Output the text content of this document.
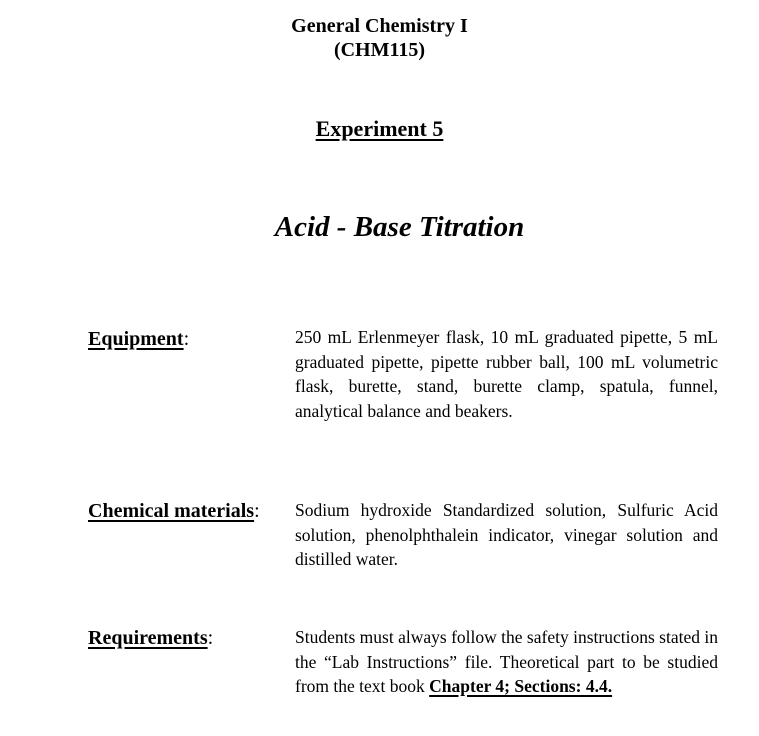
General Chemistry I
(CHM115)
Experiment 5
Acid - Base Titration
Equipment:	250 mL Erlenmeyer flask, 10 mL graduated pipette, 5 mL graduated pipette, pipette rubber ball, 100 mL volumetric flask, burette, stand, burette clamp, spatula, funnel, analytical balance and beakers.
Chemical materials: Sodium hydroxide Standardized solution, Sulfuric Acid solution, phenolphthalein indicator, vinegar solution and distilled water.
Requirements:	Students must always follow the safety instructions stated in the “Lab Instructions” file. Theoretical part to be studied from the text book Chapter 4; Sections: 4.4.
